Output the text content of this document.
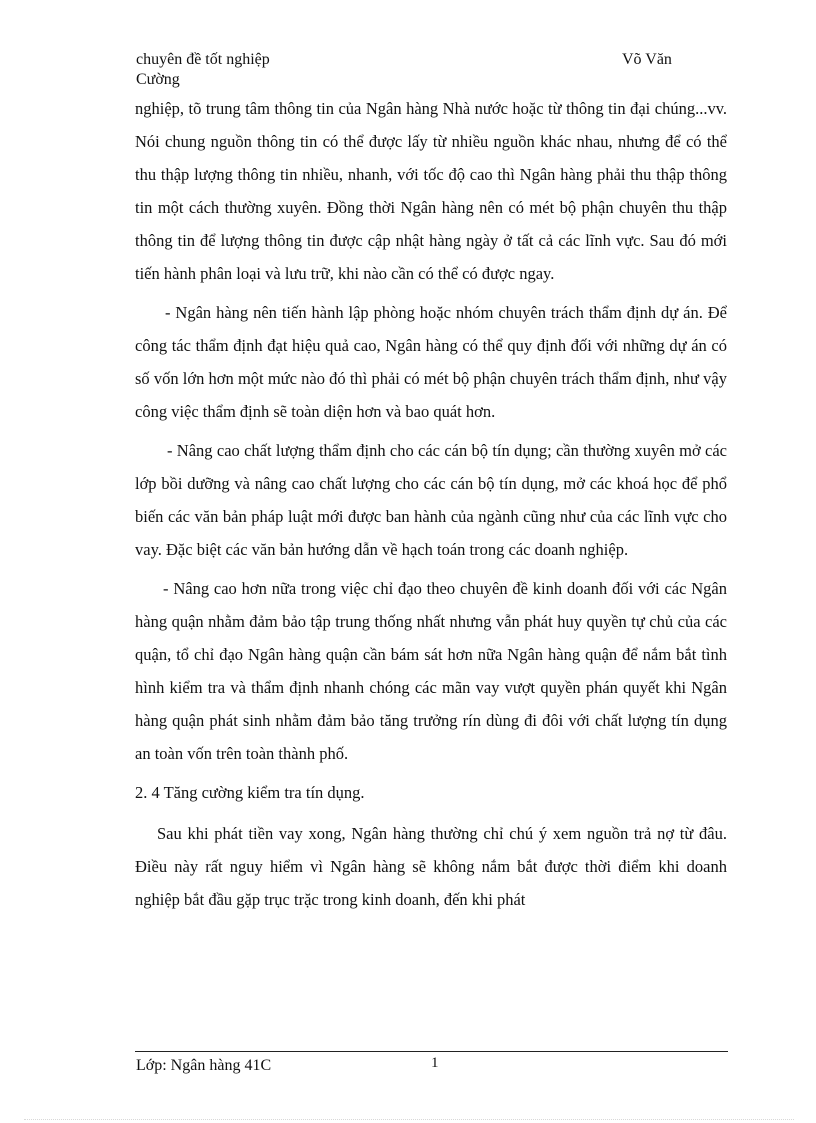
chuyên đề tốt nghiệp
Cường
Võ Văn

nghiệp, tõ trung tâm thông tin của Ngân hàng Nhà nước hoặc từ thông tin đại chúng...vv. Nói chung nguồn thông tin có thể được lấy từ nhiều nguồn khác nhau, nhưng để có thể thu thập lượng thông tin nhiều, nhanh, với tốc độ cao thì Ngân hàng phải thu thập thông tin một cách thường xuyên. Đồng thời Ngân hàng nên có mét bộ phận chuyên thu thập thông tin để lượng thông tin được cập nhật hàng ngày ở tất cả các lĩnh vực. Sau đó mới tiến hành phân loại và lưu trữ, khi nào cần có thể có được ngay.

- Ngân hàng nên tiến hành lập phòng hoặc nhóm chuyên trách thẩm định dự án. Để công tác thẩm định đạt hiệu quả cao, Ngân hàng có thể quy định đối với những dự án có số vốn lớn hơn một mức nào đó thì phải có mét bộ phận chuyên trách thẩm định, như vậy công việc thẩm định sẽ toàn diện hơn và bao quát hơn.

- Nâng cao chất lượng thẩm định cho các cán bộ tín dụng; cần thường xuyên mở các lớp bồi dưỡng và nâng cao chất lượng cho các cán bộ tín dụng, mở các khoá học để phổ biến các văn bản pháp luật mới được ban hành của ngành cũng như của các lĩnh vực cho vay. Đặc biệt các văn bản hướng dẫn về hạch toán trong các doanh nghiệp.

- Nâng cao hơn nữa trong việc chỉ đạo theo chuyên đề kinh doanh đối với các Ngân hàng quận nhằm đảm bảo tập trung thống nhất nhưng vẫn phát huy quyền tự chủ của các quận, tổ chỉ đạo Ngân hàng quận cần bám sát hơn nữa Ngân hàng quận để nắm bắt tình hình kiểm tra và thẩm định nhanh chóng các mãn vay vượt quyền phán quyết khi Ngân hàng quận phát sinh nhằm đảm bảo tăng trưởng rín dùng đi đôi với chất lượng tín dụng an toàn vốn trên toàn thành phố.

2. 4 Tăng cường kiểm tra tín dụng.

Sau khi phát tiền vay xong, Ngân hàng thường chỉ chú ý xem nguồn trả nợ từ đâu. Điều này rất nguy hiểm vì Ngân hàng sẽ không nắm bắt được thời điểm khi doanh nghiệp bắt đầu gặp trục trặc trong kinh doanh, đến khi phát

Lớp: Ngân hàng 41C	1
